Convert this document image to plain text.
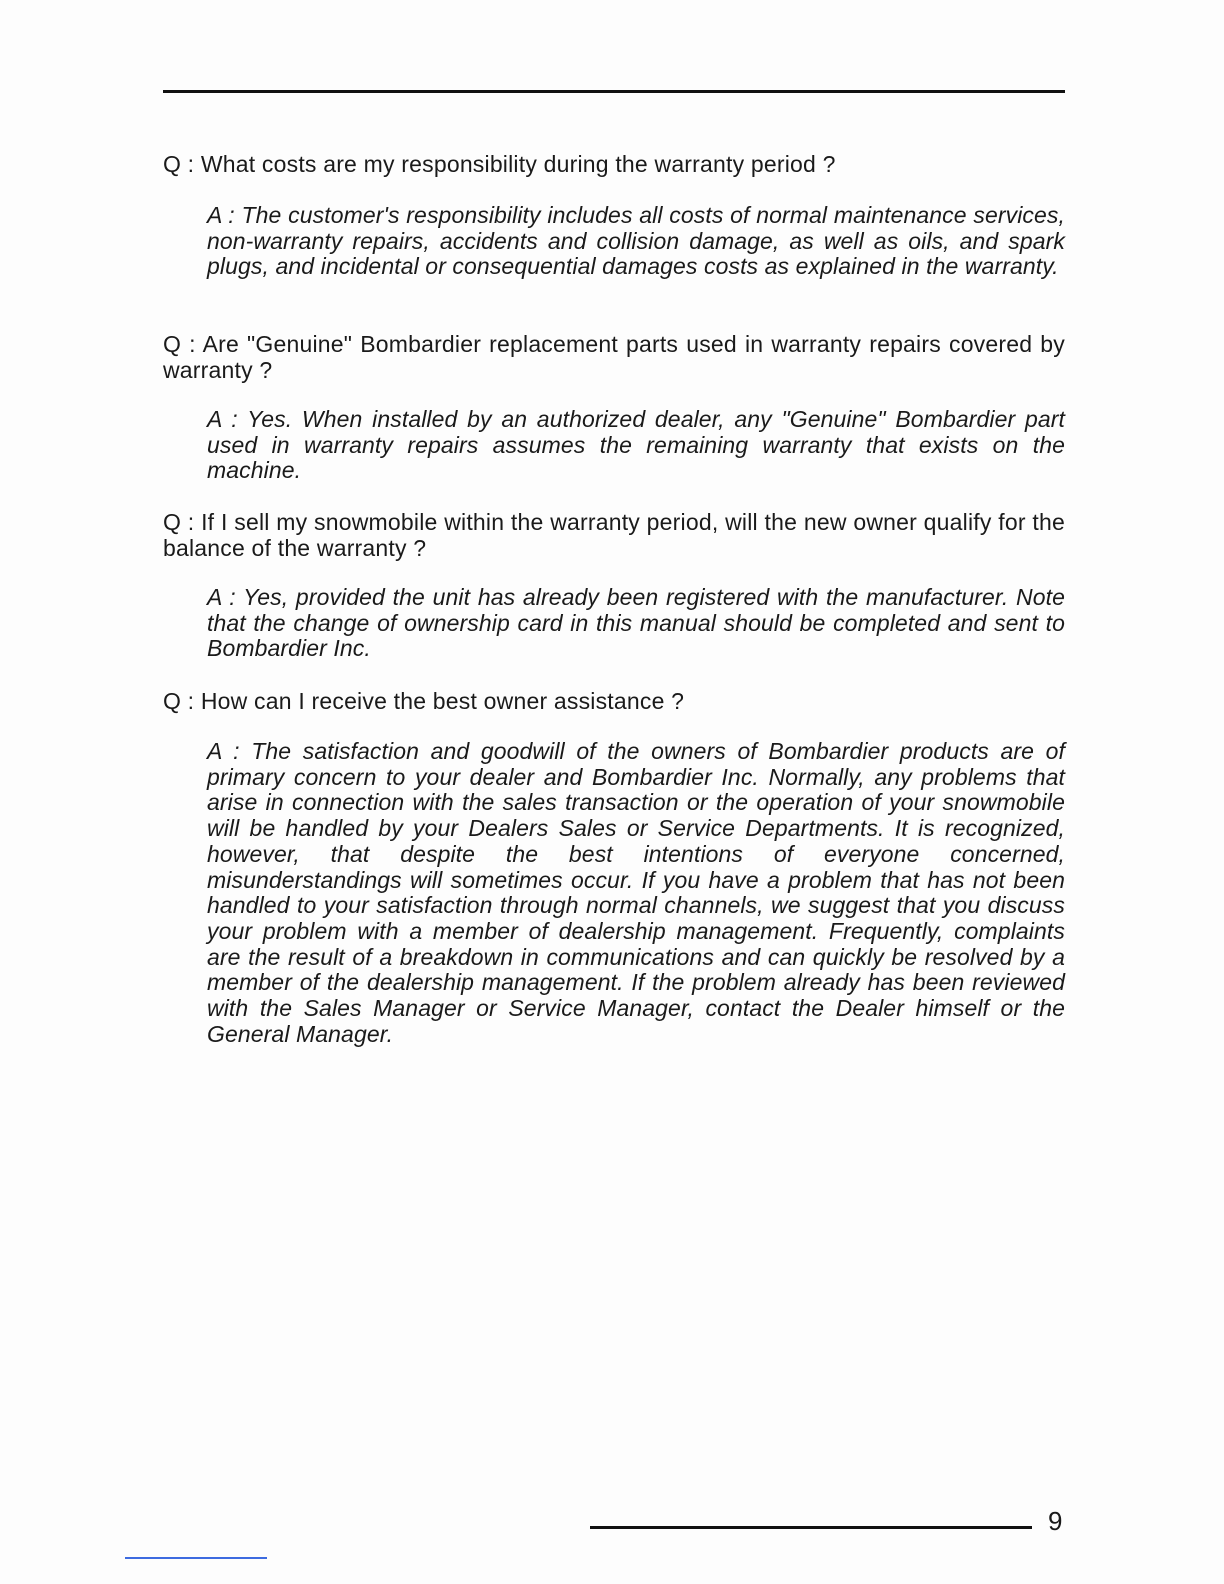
Q : What costs are my responsibility during the warranty period ?

A : The customer's responsibility includes all costs of normal maintenance services, non-warranty repairs, accidents and collision damage, as well as oils, and spark plugs, and incidental or consequential damages costs as explained in the warranty.

Q : Are "Genuine" Bombardier replacement parts used in warranty repairs covered by warranty ?

A : Yes. When installed by an authorized dealer, any "Genuine" Bombardier part used in warranty repairs assumes the remaining warranty that exists on the machine.

Q : If I sell my snowmobile within the warranty period, will the new owner qualify for the balance of the warranty ?

A : Yes, provided the unit has already been registered with the manufacturer. Note that the change of ownership card in this manual should be completed and sent to Bombardier Inc.

Q : How can I receive the best owner assistance ?

A : The satisfaction and goodwill of the owners of Bombardier products are of primary concern to your dealer and Bombardier Inc. Normally, any problems that arise in connection with the sales transaction or the operation of your snowmobile will be handled by your Dealers Sales or Service Departments. It is recognized, however, that despite the best intentions of everyone concerned, misunderstandings will sometimes occur. If you have a problem that has not been handled to your satisfaction through normal channels, we suggest that you discuss your problem with a member of dealership management. Frequently, complaints are the result of a breakdown in communications and can quickly be resolved by a member of the dealership management. If the problem already has been reviewed with the Sales Manager or Service Manager, contact the Dealer himself or the General Manager.

9
